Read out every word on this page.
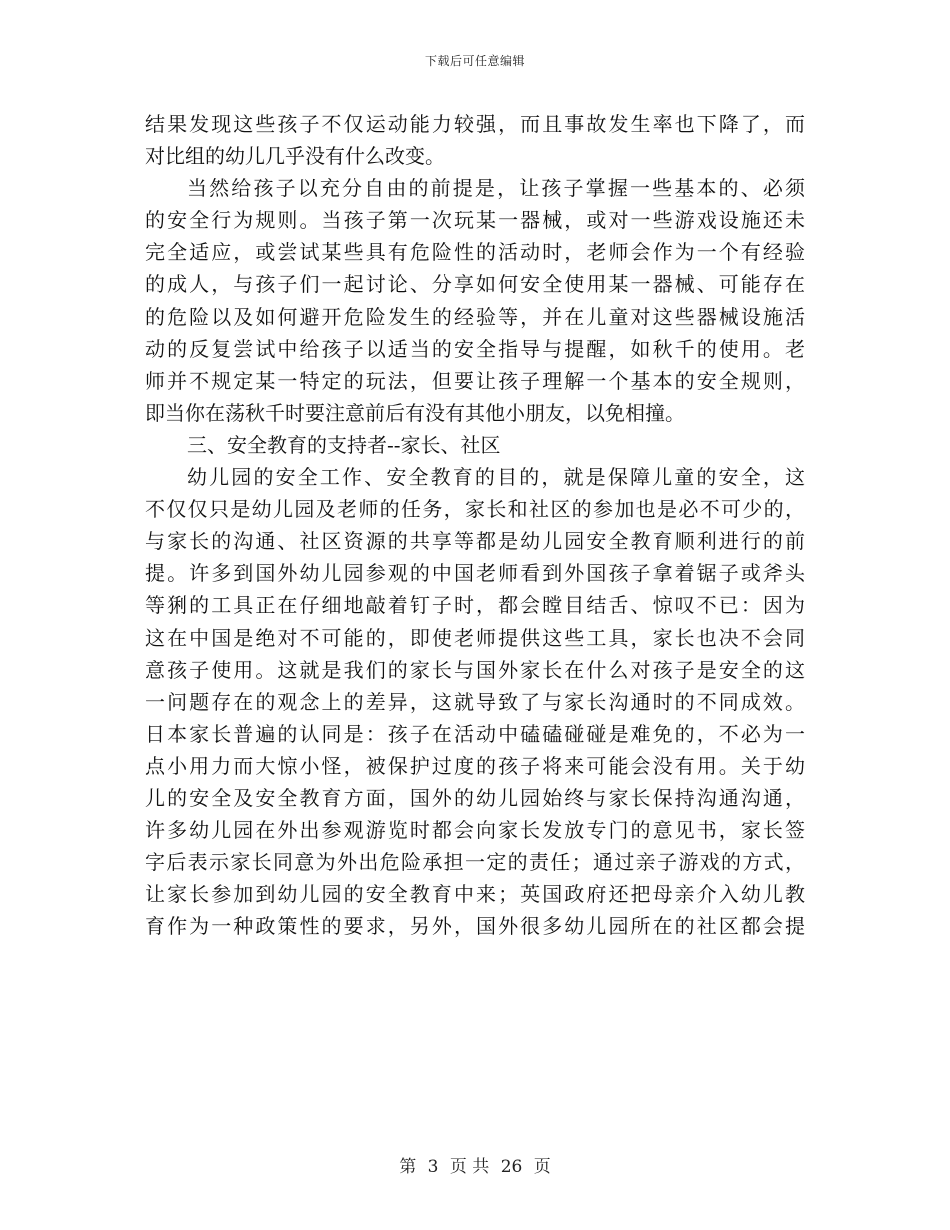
下载后可任意编辑
结果发现这些孩子不仅运动能力较强，而且事故发生率也下降了，而
对比组的幼儿几乎没有什么改变。
当然给孩子以充分自由的前提是，让孩子掌握一些基本的、必须
的安全行为规则。当孩子第一次玩某一器械，或对一些游戏设施还未
完全适应，或尝试某些具有危险性的活动时，老师会作为一个有经验
的成人，与孩子们一起讨论、分享如何安全使用某一器械、可能存在
的危险以及如何避开危险发生的经验等，并在儿童对这些器械设施活
动的反复尝试中给孩子以适当的安全指导与提醒，如秋千的使用。老
师并不规定某一特定的玩法，但要让孩子理解一个基本的安全规则，
即当你在荡秋千时要注意前后有没有其他小朋友，以免相撞。
三、安全教育的支持者--家长、社区
幼儿园的安全工作、安全教育的目的，就是保障儿童的安全，这
不仅仅只是幼儿园及老师的任务，家长和社区的参加也是必不可少的，
与家长的沟通、社区资源的共享等都是幼儿园安全教育顺利进行的前
提。许多到国外幼儿园参观的中国老师看到外国孩子拿着锯子或斧头
等猁的工具正在仔细地敲着钉子时，都会瞠目结舌、惊叹不已：因为
这在中国是绝对不可能的，即使老师提供这些工具，家长也决不会同
意孩子使用。这就是我们的家长与国外家长在什么对孩子是安全的这
一问题存在的观念上的差异，这就导致了与家长沟通时的不同成效。
日本家长普遍的认同是：孩子在活动中磕磕碰碰是难免的，不必为一
点小用力而大惊小怪，被保护过度的孩子将来可能会没有用。关于幼
儿的安全及安全教育方面，国外的幼儿园始终与家长保持沟通沟通，
许多幼儿园在外出参观游览时都会向家长发放专门的意见书，家长签
字后表示家长同意为外出危险承担一定的责任；通过亲子游戏的方式，
让家长参加到幼儿园的安全教育中来；英国政府还把母亲介入幼儿教
育作为一种政策性的要求，另外，国外很多幼儿园所在的社区都会提
第 3 页 共 26 页
